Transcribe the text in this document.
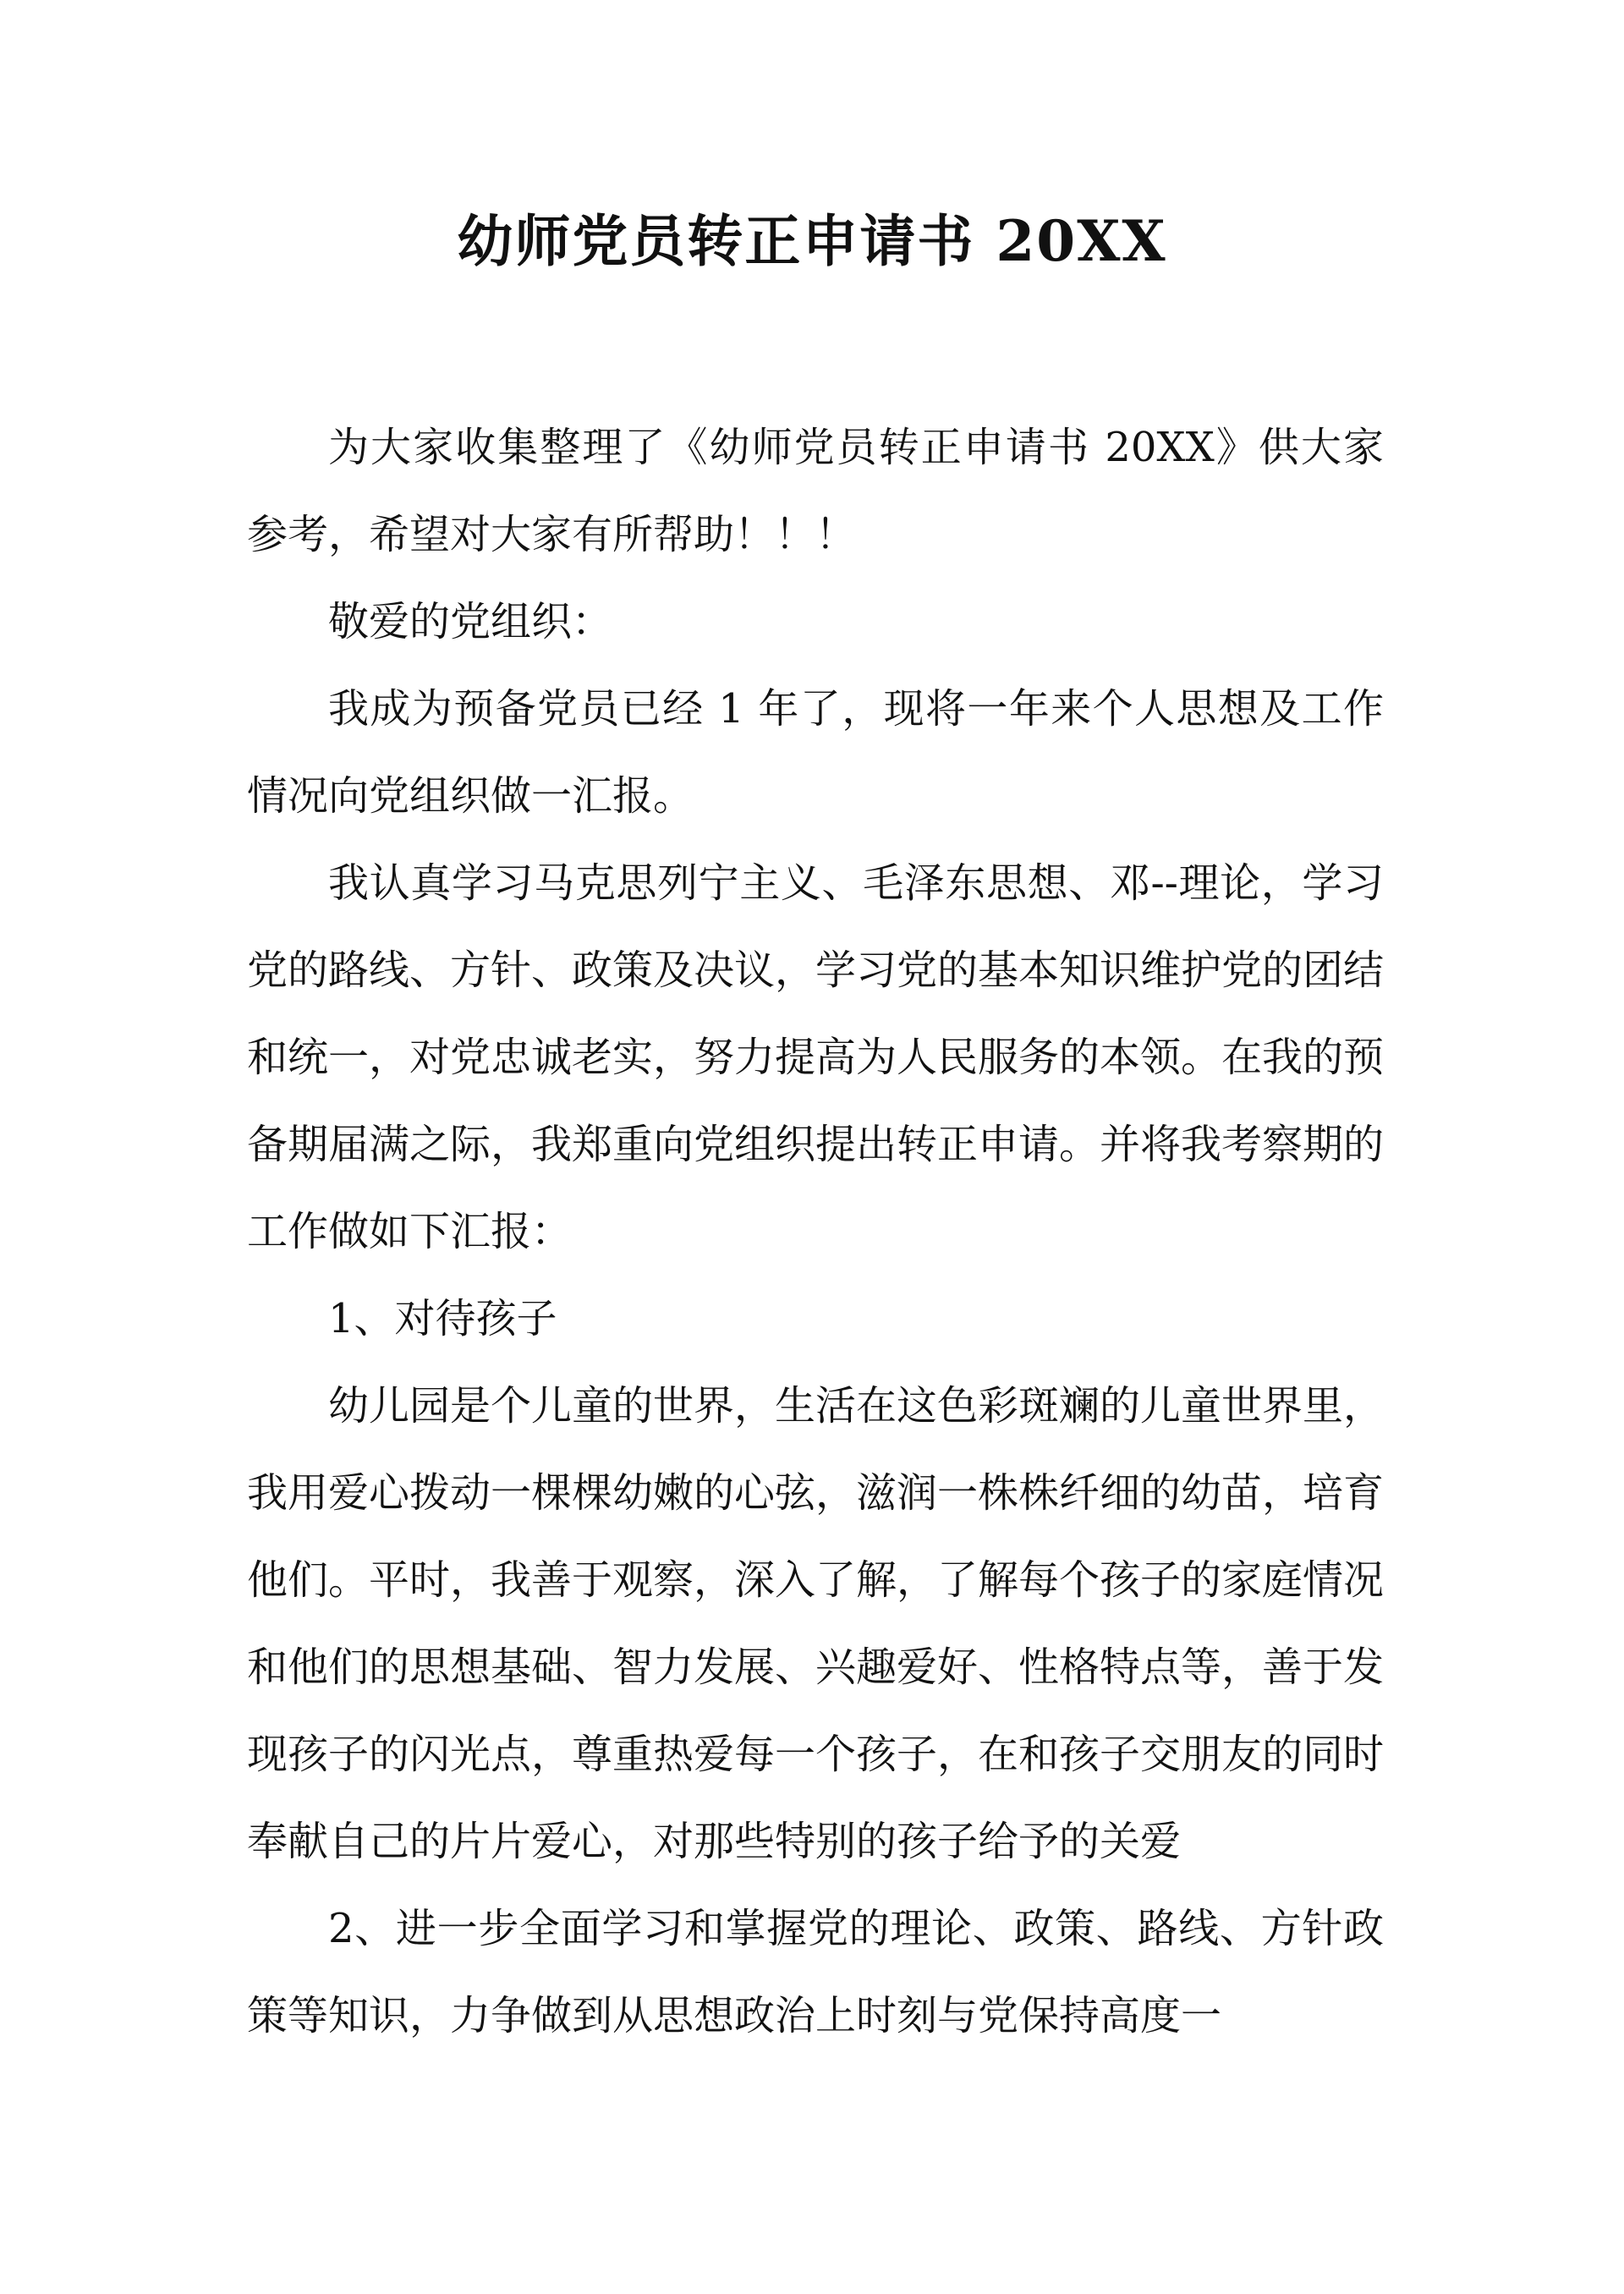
幼师党员转正申请书 20XX

为大家收集整理了《幼师党员转正申请书 20XX》供大家参考，希望对大家有所帮助！！！

敬爱的党组织：

我成为预备党员已经 1 年了，现将一年来个人思想及工作情况向党组织做一汇报。

我认真学习马克思列宁主义、毛泽东思想、邓--理论，学习党的路线、方针、政策及决议，学习党的基本知识维护党的团结和统一，对党忠诚老实，努力提高为人民服务的本领。在我的预备期届满之际，我郑重向党组织提出转正申请。并将我考察期的工作做如下汇报：

1、对待孩子

幼儿园是个儿童的世界，生活在这色彩斑斓的儿童世界里，我用爱心拨动一棵棵幼嫩的心弦，滋润一株株纤细的幼苗，培育他们。平时，我善于观察，深入了解，了解每个孩子的家庭情况和他们的思想基础、智力发展、兴趣爱好、性格特点等，善于发现孩子的闪光点，尊重热爱每一个孩子，在和孩子交朋友的同时奉献自己的片片爱心，对那些特别的孩子给予的关爱

2、进一步全面学习和掌握党的理论、政策、路线、方针政策等知识，力争做到从思想政治上时刻与党保持高度一
